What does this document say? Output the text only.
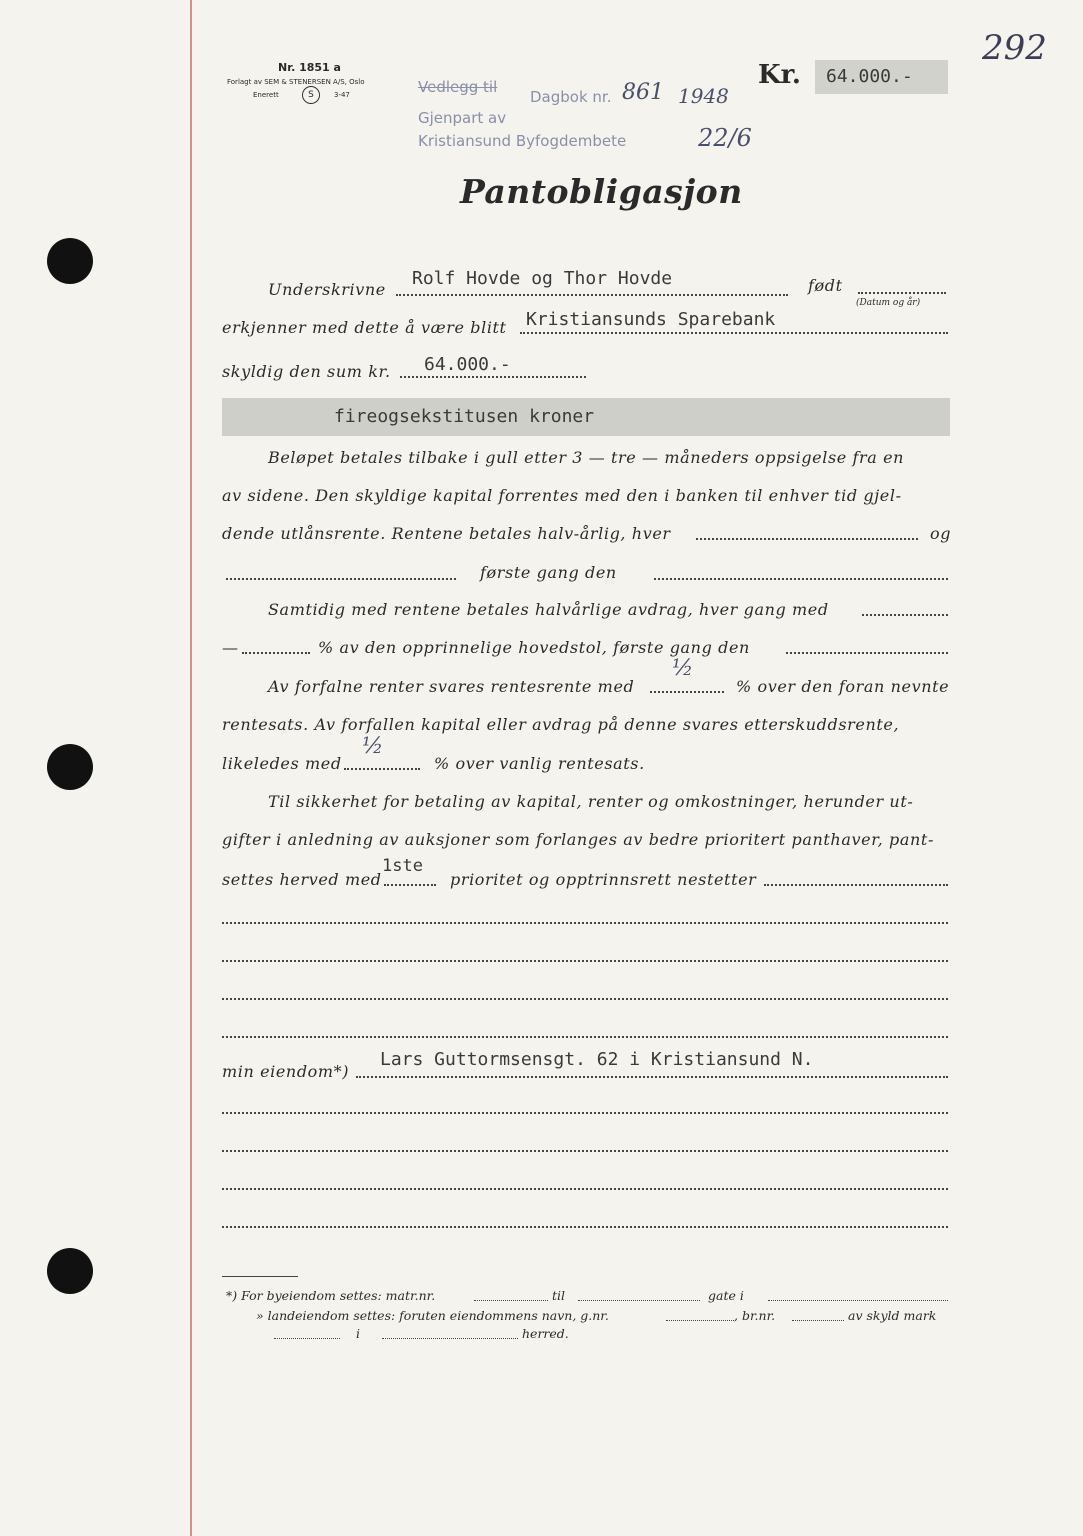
292
Nr. 1851 a
Forlagt av SEM & STENERSEN A/S, Oslo
Enerett	S	3-47	Vedlegg til
Dagbok nr. 861 1948
Gjenpart av
Kristiansund Byfogdembete	22/6
Kr. 64.000.-
Pantobligasjon
Underskrivne
Rolf Hovde og Thor Hovde	født
(Datum og år)
erkjenner med dette å være blitt Kristiansunds Sparebank
skyldig den sum kr. 64.000.-
fireogsekstitusen kroner
Beløpet betales tilbake i gull etter 3 — tre — måneders oppsigelse fra en
av sidene. Den skyldige kapital forrentes med den i banken til enhver tid gjel-
dende utlånsrente. Rentene betales halv-årlig, hver	og
første gang den
Samtidig med rentene betales halvårlige avdrag, hver gang med
—	% av den opprinnelige hovedstol, første gang den
Av forfalne renter svares rentesrente med
½
% over den foran nevnte
rentesats. Av forfallen kapital eller avdrag på denne svares etterskuddsrente,
likeledes med
½
% over vanlig rentesats.
Til sikkerhet for betaling av kapital, renter og omkostninger, herunder ut-
gifter i anledning av auksjoner som forlanges av bedre prioritert panthaver, pant-
settes herved med
1ste
prioritet og opptrinnsrett nestetter
min eiendom*)
Lars Guttormsensgt. 62 i Kristiansund N.
*) For byeiendom settes: matr.nr.	til	gate i
» landeiendom settes: foruten eiendommens navn, g.nr.	, br.nr.	av skyld mark
i	herred.
